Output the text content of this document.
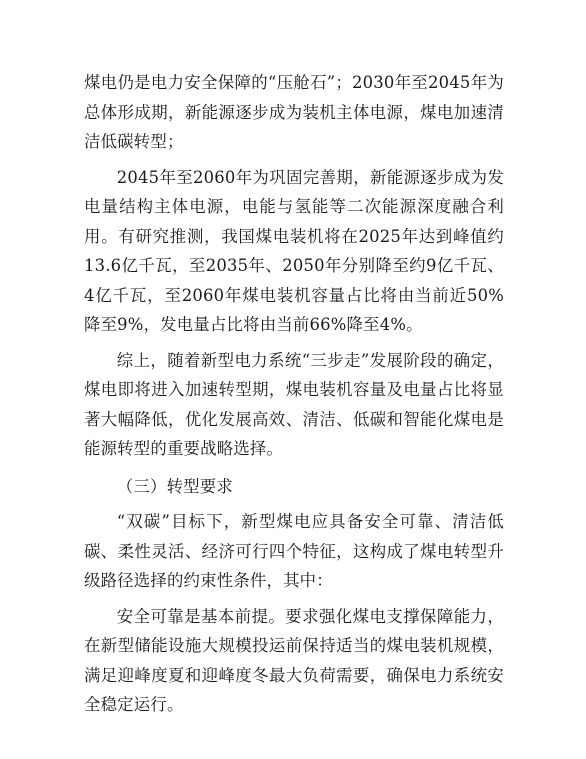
煤电仍是电力安全保障的“压舱石”；2030年至2045年为总体形成期，新能源逐步成为装机主体电源，煤电加速清洁低碳转型；

2045年至2060年为巩固完善期，新能源逐步成为发电量结构主体电源，电能与氢能等二次能源深度融合利用。有研究推测，我国煤电装机将在2025年达到峰值约13.6亿千瓦，至2035年、2050年分别降至约9亿千瓦、4亿千瓦，至2060年煤电装机容量占比将由当前近50%降至9%，发电量占比将由当前66%降至4%。

综上，随着新型电力系统“三步走”发展阶段的确定，煤电即将进入加速转型期，煤电装机容量及电量占比将显著大幅降低，优化发展高效、清洁、低碳和智能化煤电是能源转型的重要战略选择。

（三）转型要求

“双碳”目标下，新型煤电应具备安全可靠、清洁低碳、柔性灵活、经济可行四个特征，这构成了煤电转型升级路径选择的约束性条件，其中：

安全可靠是基本前提。要求强化煤电支撑保障能力，在新型储能设施大规模投运前保持适当的煤电装机规模，满足迎峰度夏和迎峰度冬最大负荷需要，确保电力系统安全稳定运行。
